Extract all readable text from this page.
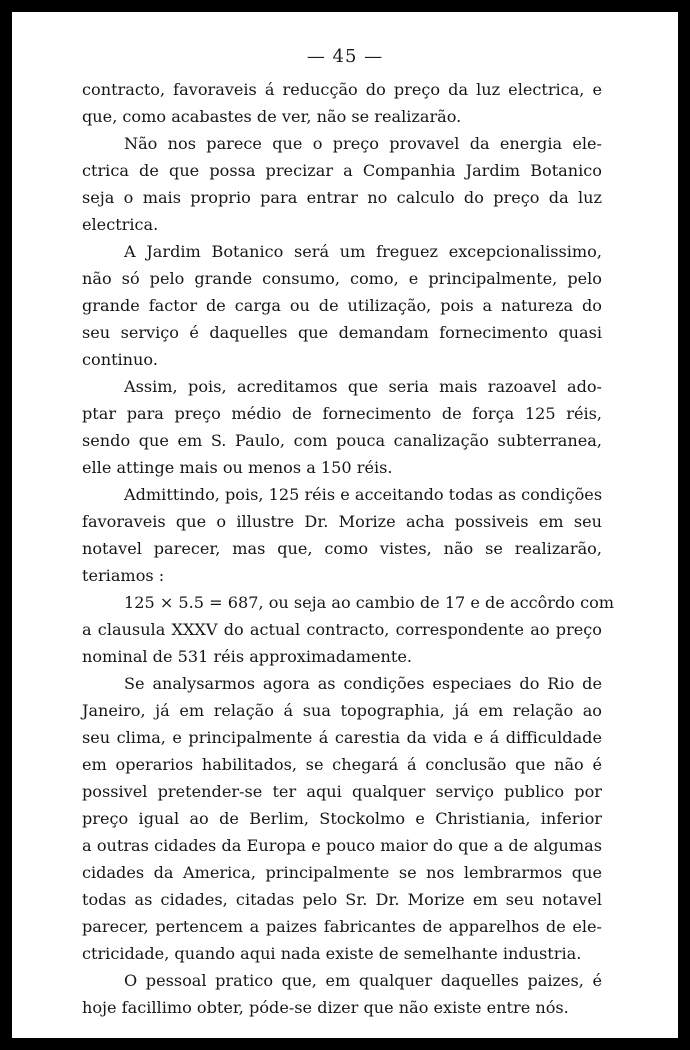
— 45 —

contracto, favoraveis á reducção do preço da luz electrica, e
que, como acabastes de ver, não se realizarão.

Não nos parece que o preço provavel da energia ele-
ctrica de que possa precizar a Companhia Jardim Botanico
seja o mais proprio para entrar no calculo do preço da luz
electrica.

A Jardim Botanico será um freguez excepcionalissimo,
não só pelo grande consumo, como, e principalmente, pelo
grande factor de carga ou de utilização, pois a natureza do
seu serviço é daquelles que demandam fornecimento quasi
continuo.

Assim, pois, acreditamos que seria mais razoavel ado-
ptar para preço médio de fornecimento de força 125 réis,
sendo que em S. Paulo, com pouca canalização subterranea,
elle attinge mais ou menos a 150 réis.

Admittindo, pois, 125 réis e acceitando todas as condições
favoraveis que o illustre Dr. Morize acha possiveis em seu
notavel parecer, mas que, como vistes, não se realizarão,
teriamos :

125 × 5.5 = 687, ou seja ao cambio de 17 e de accôrdo com
a clausula XXXV do actual contracto, correspondente ao preço
nominal de 531 réis approximadamente.

Se analysarmos agora as condições especiaes do Rio de
Janeiro, já em relação á sua topographia, já em relação ao
seu clima, e principalmente á carestia da vida e á difficuldade
em operarios habilitados, se chegará á conclusão que não é
possivel pretender-se ter aqui qualquer serviço publico por
preço igual ao de Berlim, Stockolmo e Christiania, inferior
a outras cidades da Europa e pouco maior do que a de algumas
cidades da America, principalmente se nos lembrarmos que
todas as cidades, citadas pelo Sr. Dr. Morize em seu notavel
parecer, pertencem a paizes fabricantes de apparelhos de ele-
ctricidade, quando aqui nada existe de semelhante industria.

O pessoal pratico que, em qualquer daquelles paizes, é
hoje facillimo obter, póde-se dizer que não existe entre nós.
